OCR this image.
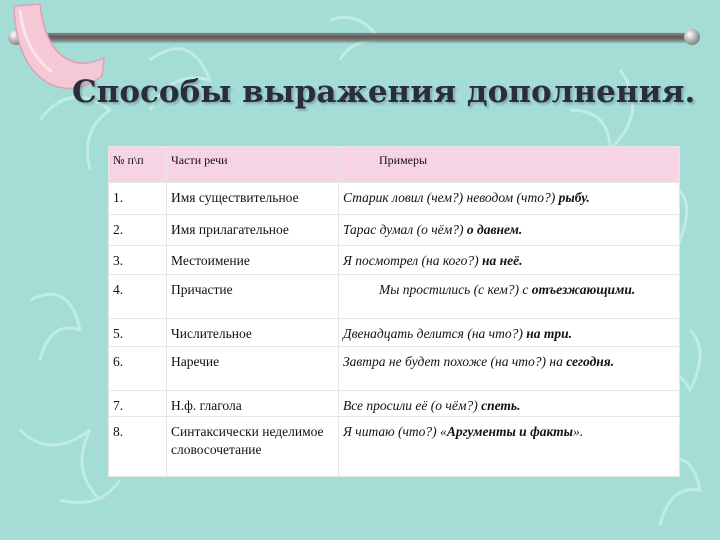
Способы выражения дополнения.
№ п\п	Части речи	Примеры
1.	Имя существительное	Старик ловил (чем?) неводом (что?) рыбу.
2.	Имя прилагательное	Тарас думал (о чём?) о давнем.
3.	Местоимение	Я посмотрел (на кого?) на неё.
4.	Причастие	Мы простились (с кем?) с отъезжающими.
5.	Числительное	Двенадцать делится (на что?) на три.
6.	Наречие	Завтра не будет похоже (на что?) на сегодня.
7.	Н.ф. глагола	Все просили её (о чём?) спеть.
8.	Синтаксически неделимое словосочетание	Я читаю (что?) «Аргументы и факты».
